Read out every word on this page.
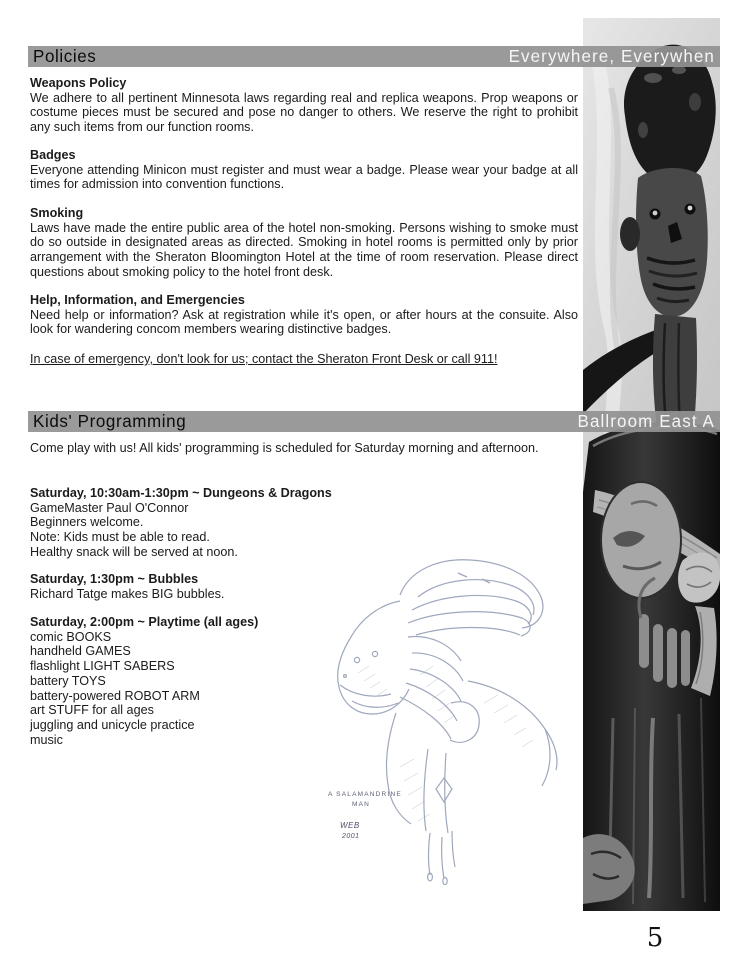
Policies	Everywhere, Everywhen

Weapons Policy

We adhere to all pertinent Minnesota laws regarding real and replica weapons. Prop weapons or costume pieces must be secured and pose no danger to others. We reserve the right to prohibit any such items from our function rooms.

Badges

Everyone attending Minicon must register and must wear a badge. Please wear your badge at all times for admission into convention functions.

Smoking

Laws have made the entire public area of the hotel non-smoking. Persons wishing to smoke must do so outside in designated areas as directed. Smoking in hotel rooms is permitted only by prior arrangement with the Sheraton Bloomington Hotel at the time of room reservation. Please direct questions about smoking policy to the hotel front desk.

Help, Information, and Emergencies

Need help or information? Ask at registration while it's open, or after hours at the consuite. Also look for wandering concom members wearing distinctive badges.

In case of emergency, don't look for us; contact the Sheraton Front Desk or call 911!
Kids' Programming	Ballroom East A

Come play with us! All kids' programming is scheduled for Saturday morning and afternoon.

Saturday, 10:30am-1:30pm ~ Dungeons & Dragons

GameMaster Paul O'Connor

Beginners welcome.

Note: Kids must be able to read.

Healthy snack will be served at noon.

Saturday, 1:30pm ~ Bubbles

Richard Tatge makes BIG bubbles.

Saturday, 2:00pm ~ Playtime (all ages)

comic BOOKS

handheld GAMES

flashlight LIGHT SABERS

battery TOYS

battery-powered ROBOT ARM

art STUFF for all ages

juggling and unicycle practice

music

A SALAMANDRINE
MAN
WEB
2001
5
